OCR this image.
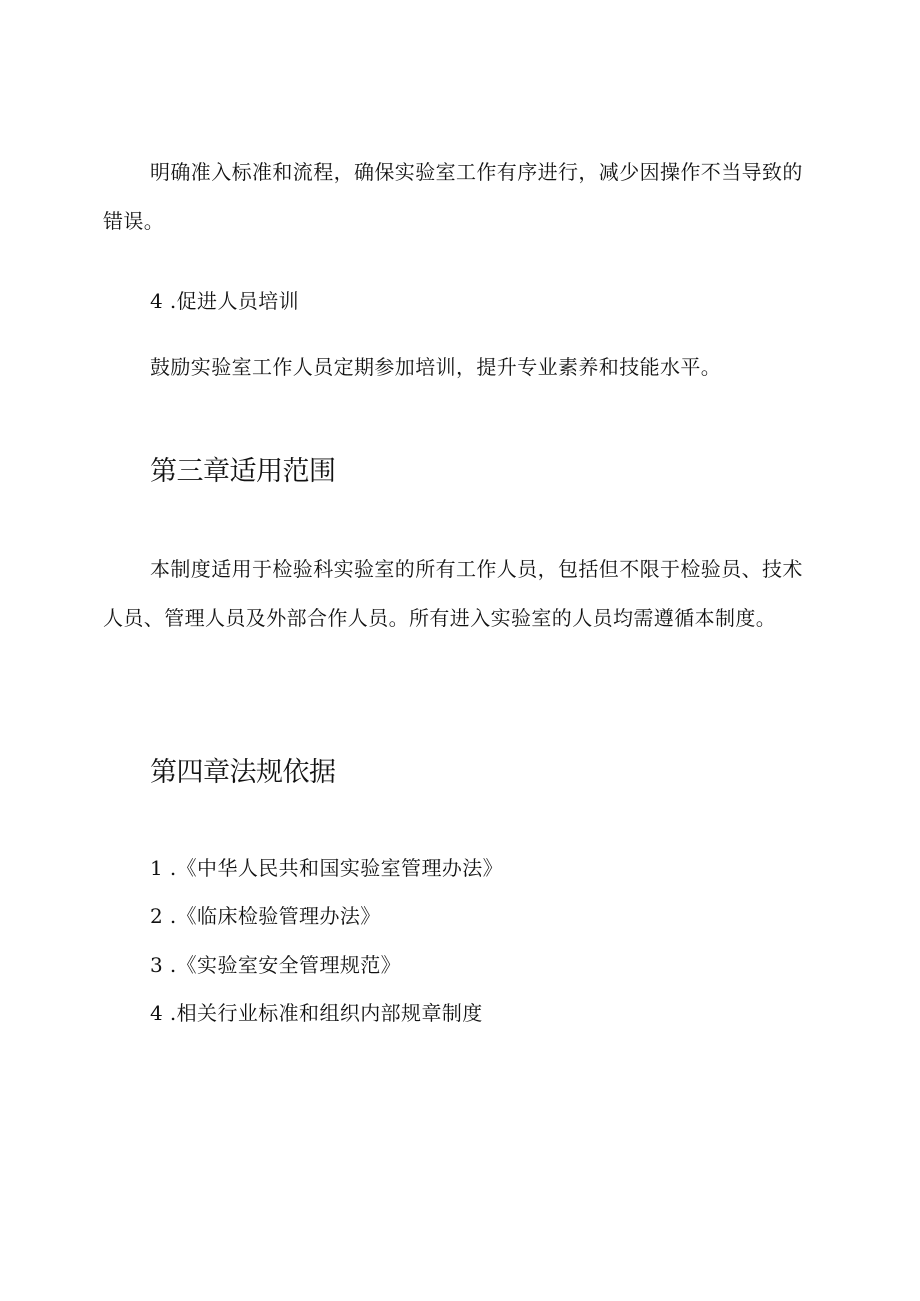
明确准入标准和流程，确保实验室工作有序进行，减少因操作不当导致的错误。

4 .促进人员培训

鼓励实验室工作人员定期参加培训，提升专业素养和技能水平。

第三章适用范围

本制度适用于检验科实验室的所有工作人员，包括但不限于检验员、技术人员、管理人员及外部合作人员。所有进入实验室的人员均需遵循本制度。

第四章法规依据

1 .《中华人民共和国实验室管理办法》

2 .《临床检验管理办法》

3 .《实验室安全管理规范》

4 .相关行业标准和组织内部规章制度
